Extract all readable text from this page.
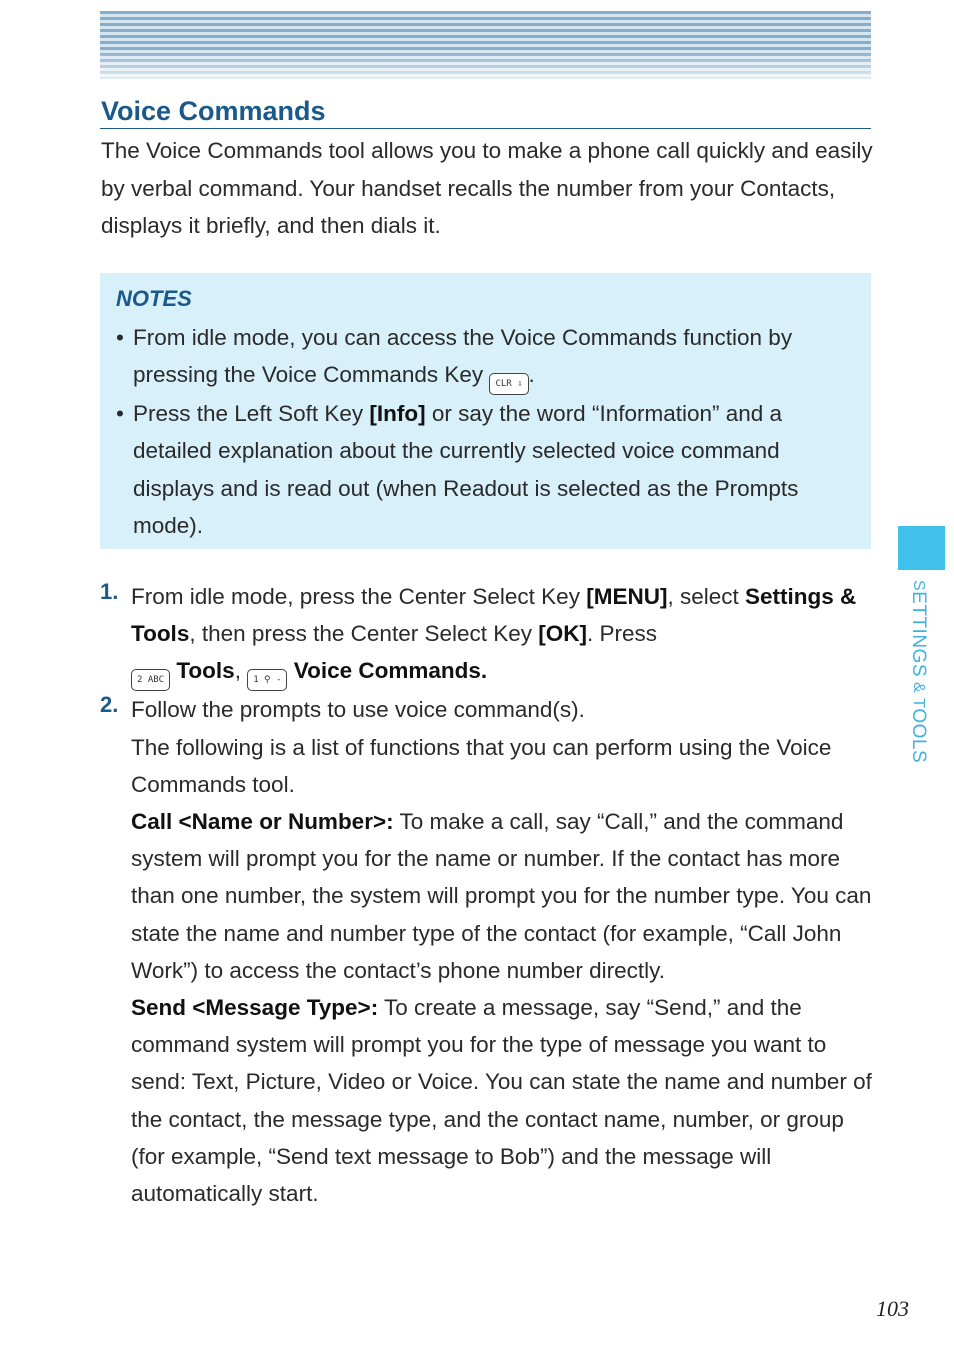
Voice Commands

The Voice Commands tool allows you to make a phone call quickly and easily by verbal command. Your handset recalls the number from your Contacts, displays it briefly, and then dials it.

NOTES

• From idle mode, you can access the Voice Commands function by pressing the Voice Commands Key CLR ⇩ .

• Press the Left Soft Key [Info] or say the word “Information” and a detailed explanation about the currently selected voice command displays and is read out (when Readout is selected as the Prompts mode).

1. From idle mode, press the Center Select Key [MENU], select Settings & Tools, then press the Center Select Key [OK]. Press
2 ABC Tools, 1 ⚲ - Voice Commands.

2. Follow the prompts to use voice command(s).

The following is a list of functions that you can perform using the Voice Commands tool.

Call <Name or Number>: To make a call, say “Call,” and the command system will prompt you for the name or number. If the contact has more than one number, the system will prompt you for the number type. You can state the name and number type of the contact (for example, “Call John Work”) to access the contact’s phone number directly.

Send <Message Type>: To create a message, say “Send,” and the command system will prompt you for the type of message you want to send: Text, Picture, Video or Voice. You can state the name and number of the contact, the message type, and the contact name, number, or group (for example, “Send text message to Bob”) and the message will automatically start.

SETTINGS & TOOLS
103
